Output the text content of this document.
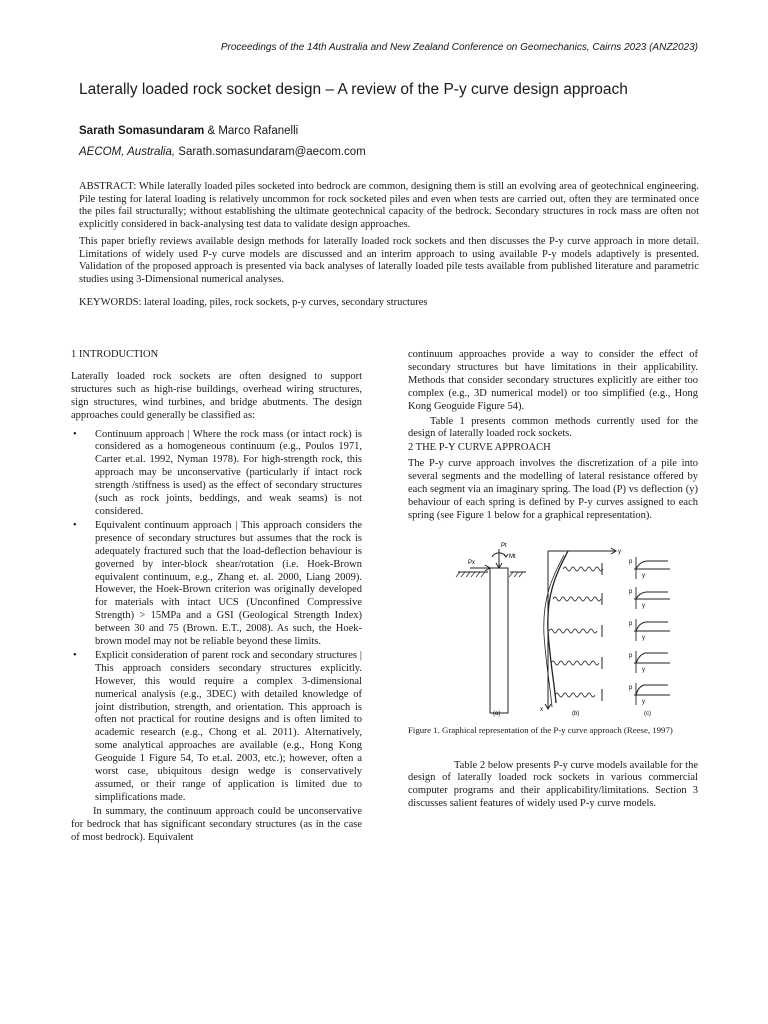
Proceedings of the 14th Australia and New Zealand Conference on Geomechanics, Cairns 2023 (ANZ2023)
Laterally loaded rock socket design – A review of the P-y curve design approach
Sarath Somasundaram & Marco Rafanelli
AECOM, Australia, Sarath.somasundaram@aecom.com
ABSTRACT: While laterally loaded piles socketed into bedrock are common, designing them is still an evolving area of geotechnical engineering. Pile testing for lateral loading is relatively uncommon for rock socketed piles and even when tests are carried out, often they are terminated once the piles fail structurally; without establishing the ultimate geotechnical capacity of the bedrock. Secondary structures in rock mass are often not explicitly considered in back-analysing test data to validate design approaches.
This paper briefly reviews available design methods for laterally loaded rock sockets and then discusses the P-y curve approach in more detail. Limitations of widely used P-y curve models are discussed and an interim approach to using available P-y models adaptively is presented. Validation of the proposed approach is presented via back analyses of laterally loaded pile tests available from published literature and parametric studies using 3-Dimensional numerical analyses.
KEYWORDS: lateral loading, piles, rock sockets, p-y curves, secondary structures

1 INTRODUCTION

Laterally loaded rock sockets are often designed to support structures such as high-rise buildings, overhead wiring structures, sign structures, wind turbines, and bridge abutments. The design approaches could generally be classified as:

• Continuum approach | Where the rock mass (or intact rock) is considered as a homogeneous continuum (e.g., Poulos 1971, Carter et.al. 1992, Nyman 1978). For high-strength rock, this approach may be unconservative (particularly if intact rock strength /stiffness is used) as the effect of secondary structures (such as rock joints, beddings, and weak seams) is not considered.
• Equivalent continuum approach | This approach considers the presence of secondary structures but assumes that the rock is adequately fractured such that the load-deflection behaviour is governed by inter-block shear/rotation (i.e. Hoek-Brown equivalent continuum, e.g., Zhang et. al. 2000, Liang 2009). However, the Hoek-Brown criterion was originally developed for materials with intact UCS (Unconfined Compressive Strength) > 15MPa and a GSI (Geological Strength Index) between 30 and 75 (Brown. E.T., 2008). As such, the Hoek-brown model may not be reliable beyond these limits.
• Explicit consideration of parent rock and secondary structures | This approach considers secondary structures explicitly. However, this would require a complex 3-dimensional numerical analysis (e.g., 3DEC) with detailed knowledge of joint distribution, strength, and orientation. This approach is often not practical for routine designs and is often limited to academic research (e.g., Chong et al. 2011). Alternatively, some analytical approaches are available (e.g., Hong Kong Geoguide 1 Figure 54, To et.al. 2003, etc.); however, often a worst case, ubiquitous design wedge is conservatively assumed, or their range of application is limited due to simplifications made.

In summary, the continuum approach could be unconservative for bedrock that has significant secondary structures (as in the case of most bedrock). Equivalent

continuum approaches provide a way to consider the effect of secondary structures but have limitations in their applicability. Methods that consider secondary structures explicitly are either too complex (e.g., 3D numerical model) or too simplified (e.g., Hong Kong Geoguide Figure 54).

Table 1 presents common methods currently used for the design of laterally loaded rock sockets.

2 THE P-Y CURVE APPROACH

The P-y curve approach involves the discretization of a pile into several segments and the modelling of lateral resistance offered by each segment via an imaginary spring. The load (P) vs deflection (y) behaviour of each spring is defined by P-y curves assigned to each spring (see Figure 1 below for a graphical representation).

Px
Pt
Mt
(a)
y
x
(b)
p
y
p
y
p
y
p
y
p
y
(c)

Figure 1. Graphical representation of the P-y curve approach (Reese, 1997)

Table 2 below presents P-y curve models available for the design of laterally loaded rock sockets in various commercial computer programs and their applicability/limitations. Section 3 discusses salient features of widely used P-y curve models.
